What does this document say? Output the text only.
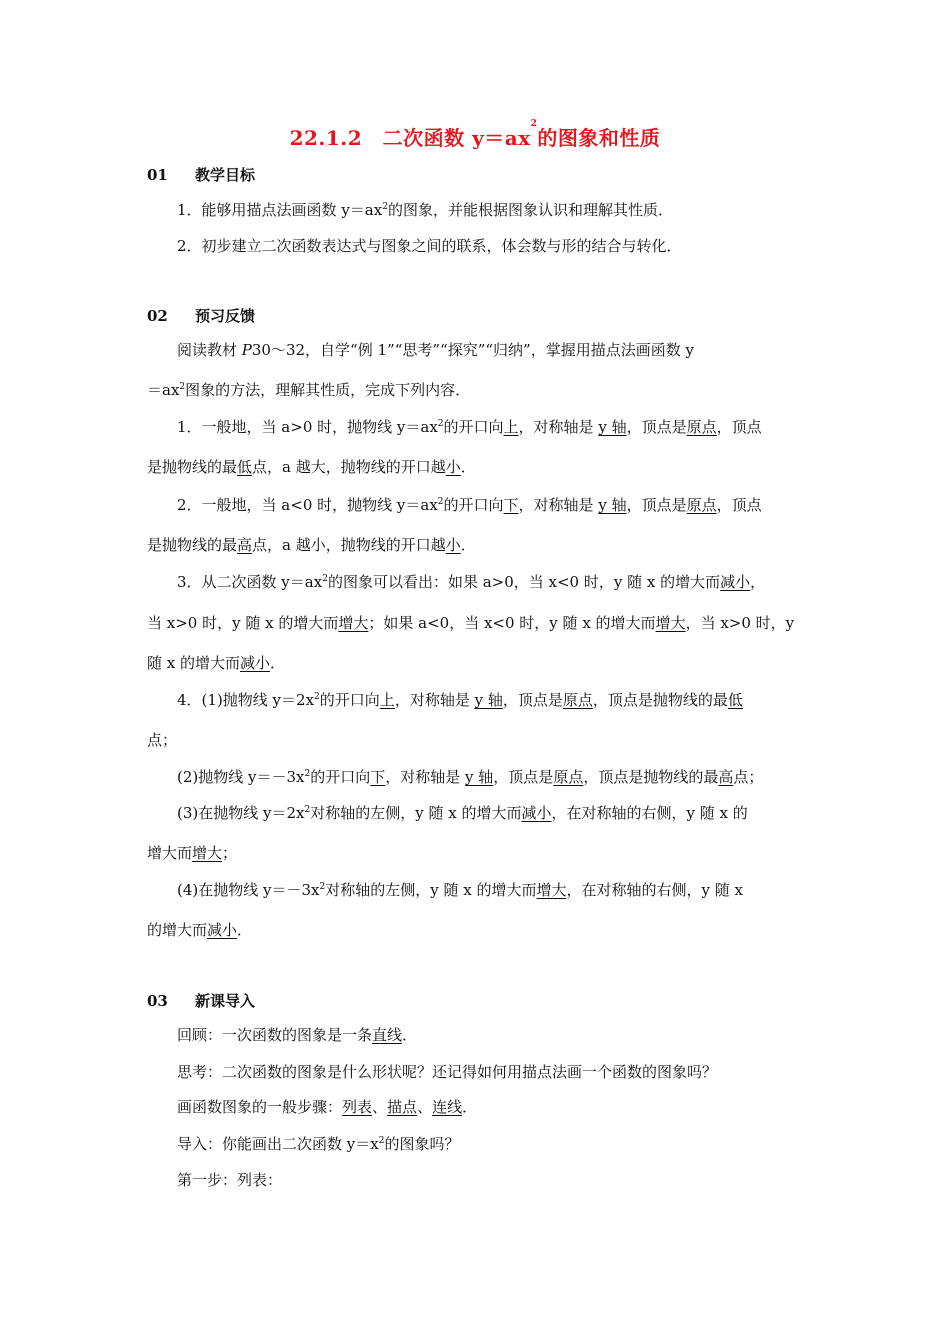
22.1.2　二次函数 $y=ax^2$的图象和性质
01 教学目标
1．能够用描点法画函数 $y=ax^2$的图象，并能根据图象认识和理解其性质．
2．初步建立二次函数表达式与图象之间的联系，体会数与形的结合与转化．
02 预习反馈
阅读教材 P30～32，自学“例 1”“思考”“探究”“归纳”，掌握用描点法画函数 y
$=ax^2$图象的方法，理解其性质，完成下列内容．
1．一般地，当 a>0 时，抛物线 $y=ax^2$的开口向上，对称轴是 y 轴，顶点是原点，顶点
是抛物线的最低点，a 越大，抛物线的开口越小．
2．一般地，当 a<0 时，抛物线 $y=ax^2$的开口向下，对称轴是 y 轴，顶点是原点，顶点
是抛物线的最高点，a 越小，抛物线的开口越小．
3．从二次函数 $y=ax^2$的图象可以看出：如果 a>0，当 x<0 时，y 随 x 的增大而减小，
当 x>0 时，y 随 x 的增大而增大；如果 a<0，当 x<0 时，y 随 x 的增大而增大，当 x>0 时，y
随 x 的增大而减小．
4．(1)抛物线 $y=2x^2$的开口向上，对称轴是 y 轴，顶点是原点，顶点是抛物线的最低
点；
(2)抛物线 $y=-3x^2$的开口向下，对称轴是 y 轴，顶点是原点，顶点是抛物线的最高点；
(3)在抛物线 $y=2x^2$对称轴的左侧，y 随 x 的增大而减小，在对称轴的右侧，y 随 x 的
增大而增大；
(4)在抛物线 $y=-3x^2$对称轴的左侧，y 随 x 的增大而增大，在对称轴的右侧，y 随 x
的增大而减小．
03 新课导入
回顾：一次函数的图象是一条直线．
思考：二次函数的图象是什么形状呢？还记得如何用描点法画一个函数的图象吗？
画函数图象的一般步骤：列表、描点、连线．
导入：你能画出二次函数 $y=x^2$的图象吗？
第一步：列表：
